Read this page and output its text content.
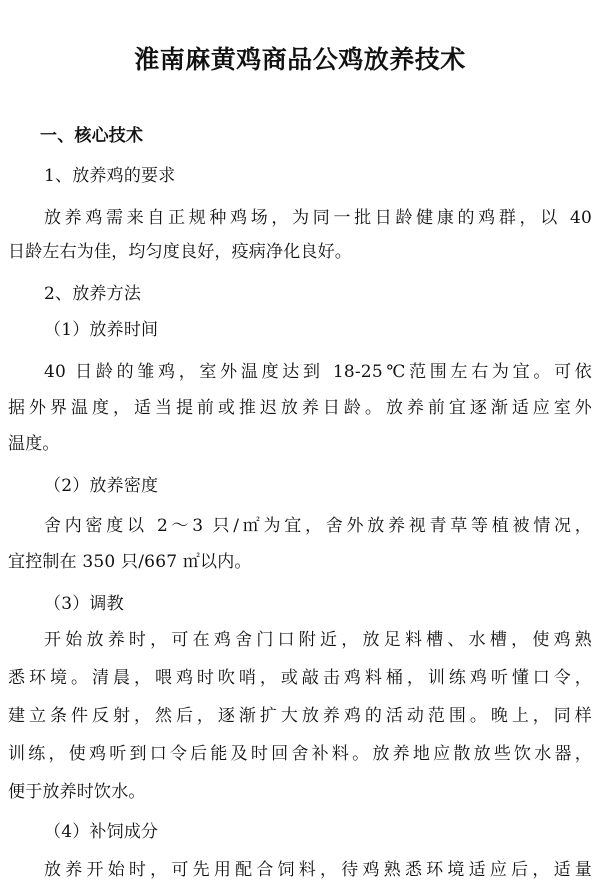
淮南麻黄鸡商品公鸡放养技术
一、核心技术
1、放养鸡的要求
放养鸡需来自正规种鸡场，为同一批日龄健康的鸡群，以 40
日龄左右为佳，均匀度良好，疫病净化良好。
2、放养方法
（1）放养时间
40 日龄的雏鸡，室外温度达到 18-25℃范围左右为宜。可依
据外界温度，适当提前或推迟放养日龄。放养前宜逐渐适应室外
温度。
（2）放养密度
舍内密度以 2～3 只/㎡为宜，舍外放养视青草等植被情况，
宜控制在 350 只/667 ㎡以内。
（3）调教
开始放养时，可在鸡舍门口附近，放足料槽、水槽，使鸡熟
悉环境。清晨，喂鸡时吹哨，或敲击鸡料桶，训练鸡听懂口令，
建立条件反射，然后，逐渐扩大放养鸡的活动范围。晚上，同样
训练，使鸡听到口令后能及时回舍补料。放养地应散放些饮水器，
便于放养时饮水。
（4）补饲成分
放养开始时，可先用配合饲料，待鸡熟悉环境适应后，适量
